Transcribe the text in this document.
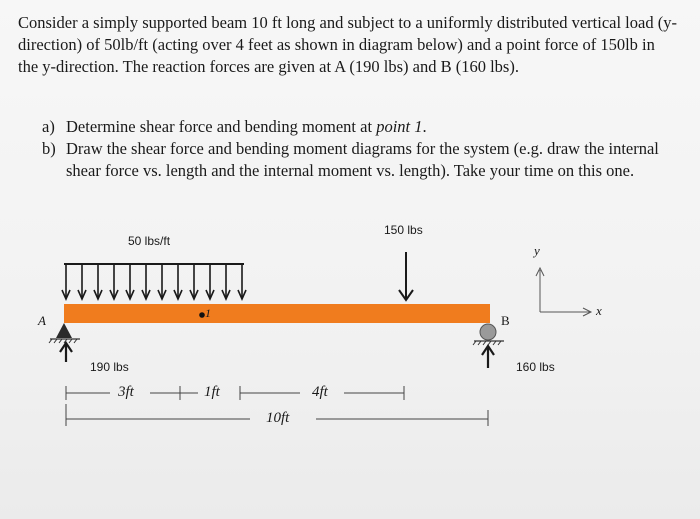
Consider a simply supported beam 10 ft long and subject to a uniformly distributed vertical load (y-direction) of 50lb/ft (acting over 4 feet as shown in diagram below) and a point force of 150lb in the y-direction. The reaction forces are given at A (190 lbs) and B (160 lbs).
a) Determine shear force and bending moment at point 1.
b) Draw the shear force and bending moment diagrams for the system (e.g. draw the internal shear force vs. length and the internal moment vs. length). Take your time on this one.
50 lbs/ft
150 lbs
1
A	B
190 lbs	160 lbs
3ft	1ft	4ft
10ft
y
x
